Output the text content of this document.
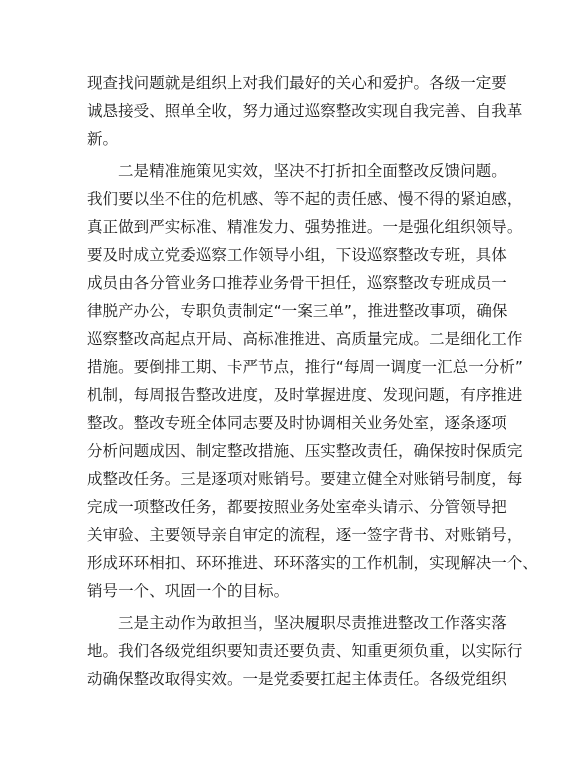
现查找问题就是组织上对我们最好的关心和爱护。各级一定要
诚恳接受、照单全收，努力通过巡察整改实现自我完善、自我革
新。
二是精准施策见实效，坚决不打折扣全面整改反馈问题。
我们要以坐不住的危机感、等不起的责任感、慢不得的紧迫感，
真正做到严实标准、精准发力、强势推进。一是强化组织领导。
要及时成立党委巡察工作领导小组，下设巡察整改专班，具体
成员由各分管业务口推荐业务骨干担任，巡察整改专班成员一
律脱产办公，专职负责制定“一案三单”，推进整改事项，确保
巡察整改高起点开局、高标准推进、高质量完成。二是细化工作
措施。要倒排工期、卡严节点，推行“每周一调度一汇总一分析”
机制，每周报告整改进度，及时掌握进度、发现问题，有序推进
整改。整改专班全体同志要及时协调相关业务处室，逐条逐项
分析问题成因、制定整改措施、压实整改责任，确保按时保质完
成整改任务。三是逐项对账销号。要建立健全对账销号制度，每
完成一项整改任务，都要按照业务处室牵头请示、分管领导把
关审验、主要领导亲自审定的流程，逐一签字背书、对账销号，
形成环环相扣、环环推进、环环落实的工作机制，实现解决一个、
销号一个、巩固一个的目标。
三是主动作为敢担当，坚决履职尽责推进整改工作落实落
地。我们各级党组织要知责还要负责、知重更须负重，以实际行
动确保整改取得实效。一是党委要扛起主体责任。各级党组织
